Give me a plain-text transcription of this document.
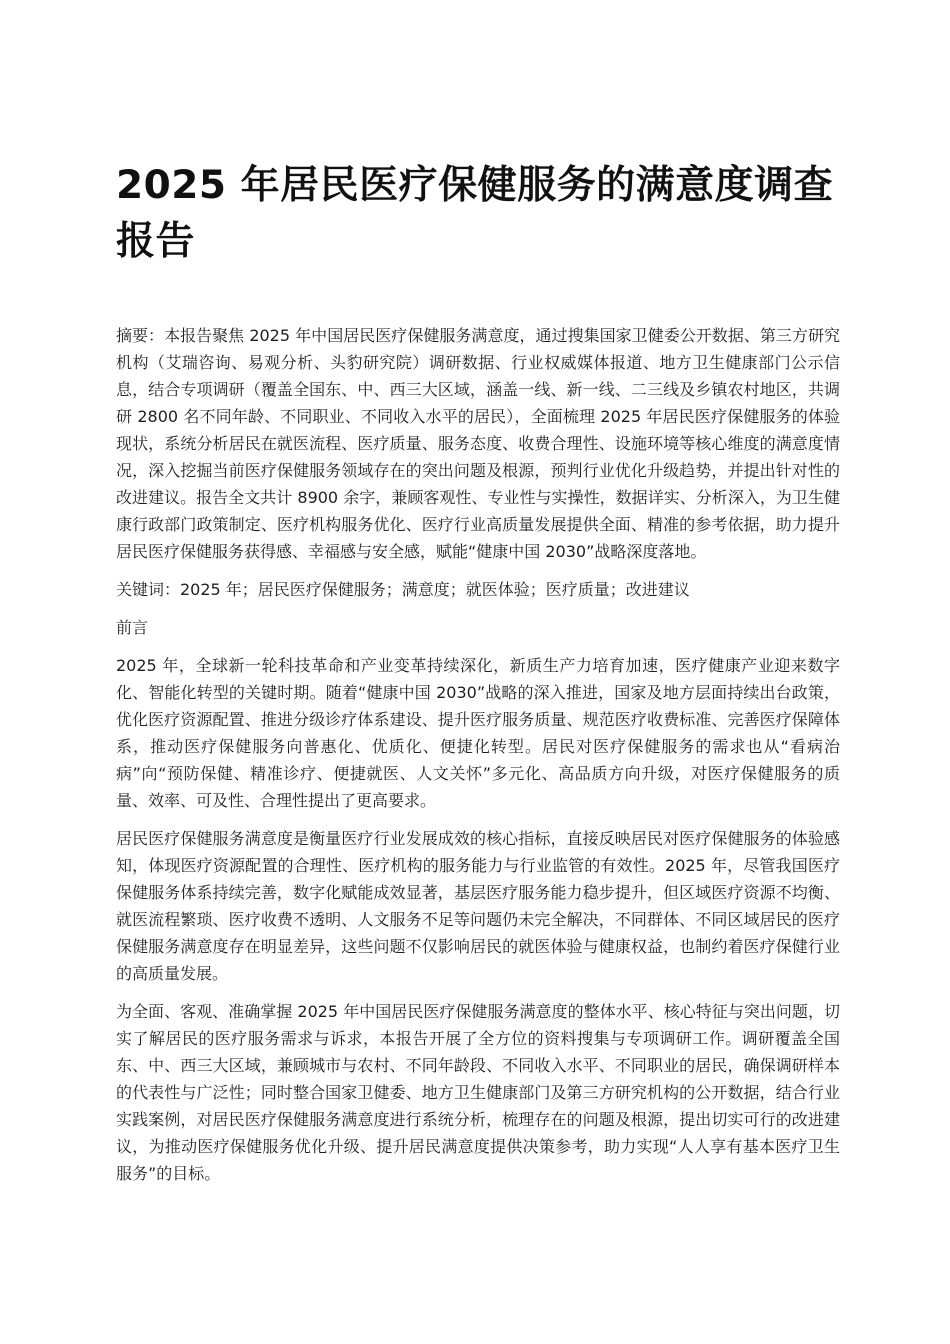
2025 年居民医疗保健服务的满意度调查报告

摘要：本报告聚焦 2025 年中国居民医疗保健服务满意度，通过搜集国家卫健委公开数据、第三方研究机构（艾瑞咨询、易观分析、头豹研究院）调研数据、行业权威媒体报道、地方卫生健康部门公示信息，结合专项调研（覆盖全国东、中、西三大区域，涵盖一线、新一线、二三线及乡镇农村地区，共调研 2800 名不同年龄、不同职业、不同收入水平的居民），全面梳理 2025 年居民医疗保健服务的体验现状，系统分析居民在就医流程、医疗质量、服务态度、收费合理性、设施环境等核心维度的满意度情况，深入挖掘当前医疗保健服务领域存在的突出问题及根源，预判行业优化升级趋势，并提出针对性的改进建议。报告全文共计 8900 余字，兼顾客观性、专业性与实操性，数据详实、分析深入，为卫生健康行政部门政策制定、医疗机构服务优化、医疗行业高质量发展提供全面、精准的参考依据，助力提升居民医疗保健服务获得感、幸福感与安全感，赋能“健康中国 2030”战略深度落地。

关键词：2025 年；居民医疗保健服务；满意度；就医体验；医疗质量；改进建议

前言

2025 年，全球新一轮科技革命和产业变革持续深化，新质生产力培育加速，医疗健康产业迎来数字化、智能化转型的关键时期。随着“健康中国 2030”战略的深入推进，国家及地方层面持续出台政策，优化医疗资源配置、推进分级诊疗体系建设、提升医疗服务质量、规范医疗收费标准、完善医疗保障体系，推动医疗保健服务向普惠化、优质化、便捷化转型。居民对医疗保健服务的需求也从“看病治病”向“预防保健、精准诊疗、便捷就医、人文关怀”多元化、高品质方向升级，对医疗保健服务的质量、效率、可及性、合理性提出了更高要求。

居民医疗保健服务满意度是衡量医疗行业发展成效的核心指标，直接反映居民对医疗保健服务的体验感知，体现医疗资源配置的合理性、医疗机构的服务能力与行业监管的有效性。2025 年，尽管我国医疗保健服务体系持续完善，数字化赋能成效显著，基层医疗服务能力稳步提升，但区域医疗资源不均衡、就医流程繁琐、医疗收费不透明、人文服务不足等问题仍未完全解决，不同群体、不同区域居民的医疗保健服务满意度存在明显差异，这些问题不仅影响居民的就医体验与健康权益，也制约着医疗保健行业的高质量发展。

为全面、客观、准确掌握 2025 年中国居民医疗保健服务满意度的整体水平、核心特征与突出问题，切实了解居民的医疗服务需求与诉求，本报告开展了全方位的资料搜集与专项调研工作。调研覆盖全国东、中、西三大区域，兼顾城市与农村、不同年龄段、不同收入水平、不同职业的居民，确保调研样本的代表性与广泛性；同时整合国家卫健委、地方卫生健康部门及第三方研究机构的公开数据，结合行业实践案例，对居民医疗保健服务满意度进行系统分析，梳理存在的问题及根源，提出切实可行的改进建议，为推动医疗保健服务优化升级、提升居民满意度提供决策参考，助力实现“人人享有基本医疗卫生服务”的目标。
